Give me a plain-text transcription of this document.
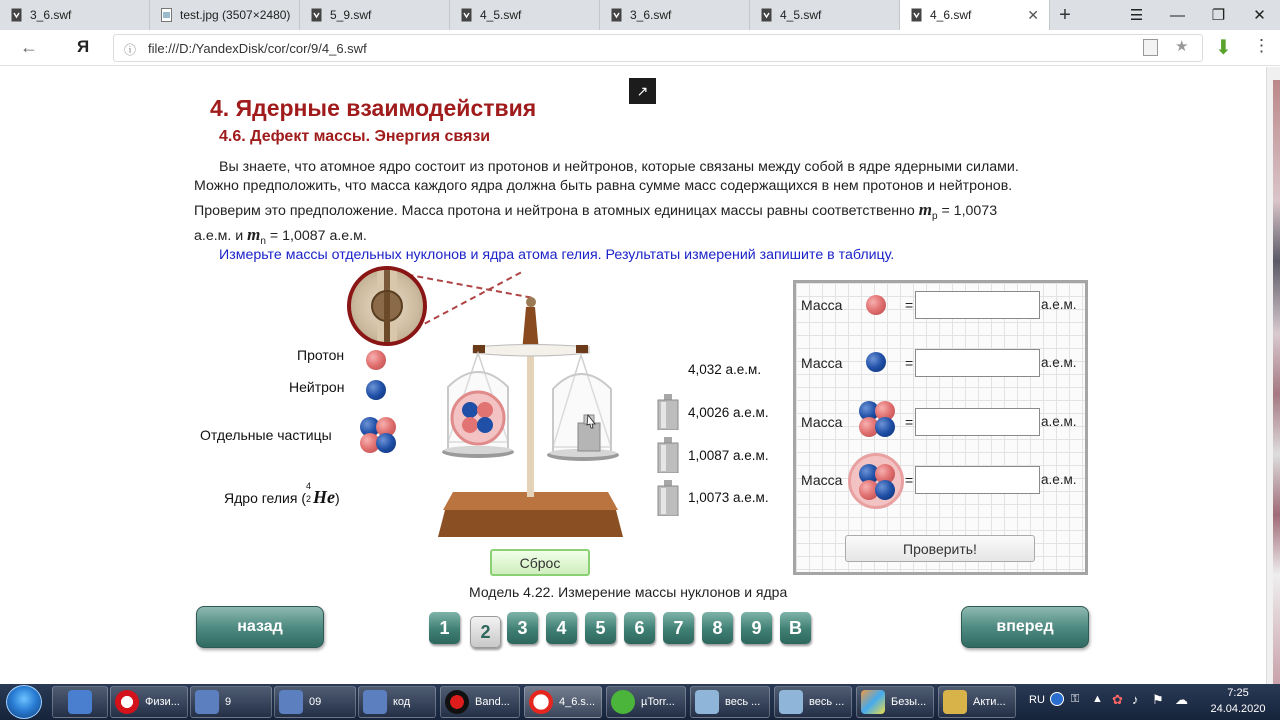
3_6.swf	test.jpg (3507×2480)	5_9.swf	4_5.swf	3_6.swf	4_5.swf	4_6.swf	✕	+	☰	—	❐	✕
← Я	ⓘ file:///D:/YandexDisk/cor/cor/9/4_6.swf	★ ⬇ ⋮
↗
4. Ядерные взаимодействия
4.6. Дефект массы. Энергия связи
Вы знаете, что атомное ядро состоит из протонов и нейтронов, которые связаны между собой в ядре ядерными силами.
Можно предположить, что масса каждого ядра должна быть равна сумме масс содержащихся в нем протонов и нейтронов.
Проверим это предположение. Масса протона и нейтрона в атомных единицах массы равны соответственно $m_p = 1,0073$
а.е.м. и $m_n = 1,0087$ а.е.м.
Измерьте массы отдельных нуклонов и ядра атома гелия. Результаты измерений запишите в таблицу.
Протон
Нейтрон
Отдельные частицы
Ядро гелия (
4
2 He)
4,032 а.е.м.
4,0026 а.е.м.
1,0087 а.е.м.
1,0073 а.е.м.
Сброс
Модель 4.22. Измерение массы нуклонов и ядра
Масса	=	а.е.м.
Масса	=	а.е.м.
Масса	=	а.е.м.
Масса	=	а.е.м.
Проверить!
назад	вперед
1	2	3	4	5	6	7	8	9	B
Физи...	9	09	код	Band...	4_6.s...	µTorr...	весь ...	весь ...	Безы...	Акти... RU ⚿ ▲ ✿ ♪ ⚑ ☁	7:25
24.04.2020
